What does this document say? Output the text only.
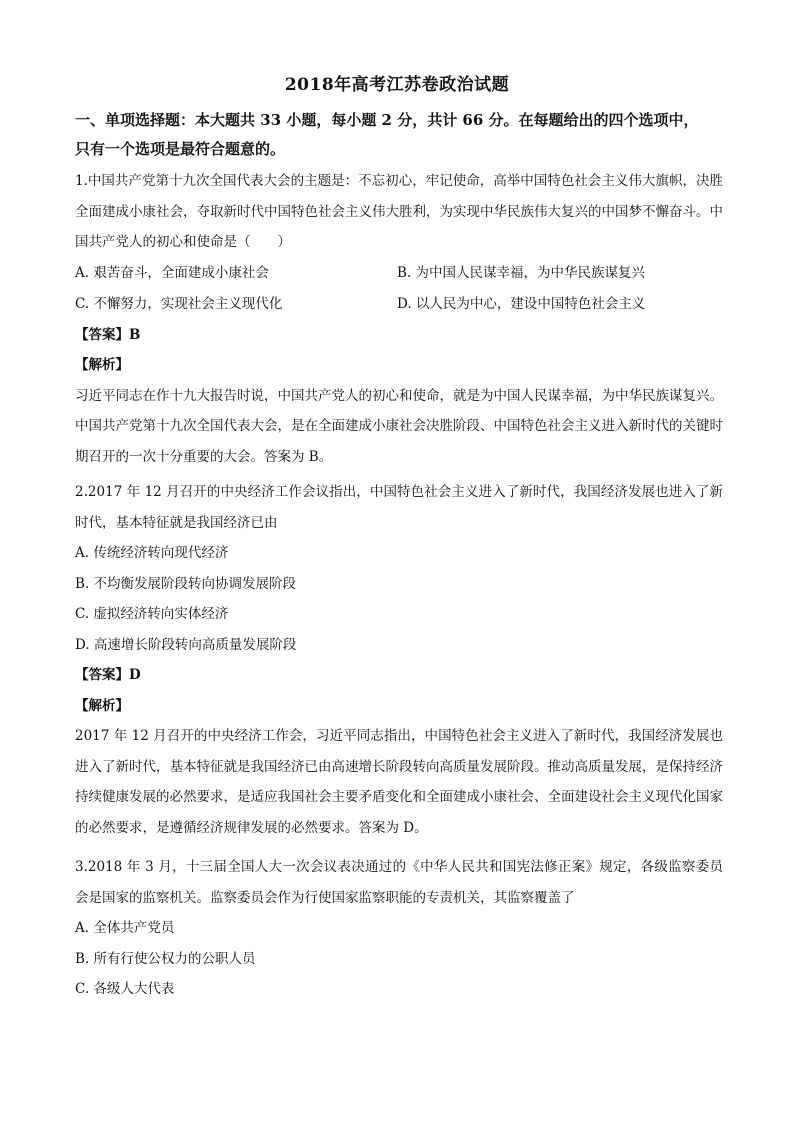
2018年高考江苏卷政治试题
一、单项选择题：本大题共 33 小题，每小题 2 分，共计 66 分。在每题给出的四个选项中，
只有一个选项是最符合题意的。

1.中国共产党第十九次全国代表大会的主题是：不忘初心，牢记使命，高举中国特色社会主义伟大旗帜，决胜全面建成小康社会，夺取新时代中国特色社会主义伟大胜利，为实现中华民族伟大复兴的中国梦不懈奋斗。中国共产党人的初心和使命是（　　）

A. 艰苦奋斗，全面建成小康社会	B. 为中国人民谋幸福，为中华民族谋复兴
C. 不懈努力，实现社会主义现代化	D. 以人民为中心，建设中国特色社会主义

【答案】B

【解析】

习近平同志在作十九大报告时说，中国共产党人的初心和使命，就是为中国人民谋幸福，为中华民族谋复兴。中国共产党第十九次全国代表大会，是在全面建成小康社会决胜阶段、中国特色社会主义进入新时代的关键时期召开的一次十分重要的大会。答案为 B。

2.2017 年 12 月召开的中央经济工作会议指出，中国特色社会主义进入了新时代，我国经济发展也进入了新时代，基本特征就是我国经济已由

A. 传统经济转向现代经济

B. 不均衡发展阶段转向协调发展阶段

C. 虚拟经济转向实体经济

D. 高速增长阶段转向高质量发展阶段

【答案】D

【解析】

2017 年 12 月召开的中央经济工作会，习近平同志指出，中国特色社会主义进入了新时代，我国经济发展也进入了新时代，基本特征就是我国经济已由高速增长阶段转向高质量发展阶段。推动高质量发展，是保持经济持续健康发展的必然要求，是适应我国社会主要矛盾变化和全面建成小康社会、全面建设社会主义现代化国家的必然要求，是遵循经济规律发展的必然要求。答案为 D。

3.2018 年 3 月，十三届全国人大一次会议表决通过的《中华人民共和国宪法修正案》规定，各级监察委员会是国家的监察机关。监察委员会作为行使国家监察职能的专责机关，其监察覆盖了

A. 全体共产党员

B. 所有行使公权力的公职人员

C. 各级人大代表
